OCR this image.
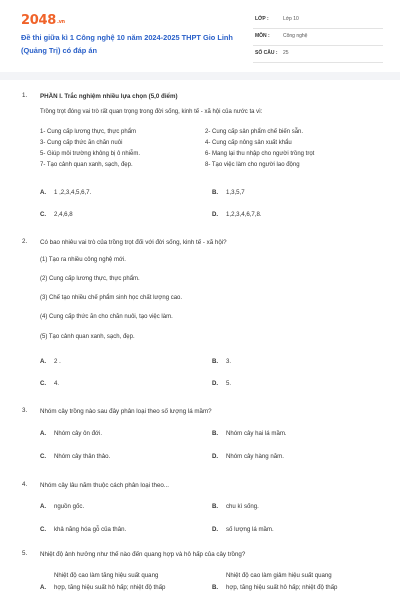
$2048^{.vn}$
Đề thi giữa kì 1 Công nghệ 10 năm 2024-2025 THPT Gio Linh (Quảng Trị) có đáp án
LỚP :	Lớp 10
MÔN :	Công nghệ
SỐ CÂU : 25
1. PHẦN I. Trắc nghiệm nhiều lựa chọn (5,0 điểm)
Trồng trọt đóng vai trò rất quan trọng trong đời sống, kinh tế - xã hội của nước ta vì:
1- Cung cấp lương thực, thực phẩm	2- Cung cấp sản phẩm chế biến sẵn.
3- Cung cấp thức ăn chăn nuôi	4- Cung cấp nông sản xuất khẩu
5- Giúp môi trường không bị ô nhiễm.	6- Mang lại thu nhập cho người trồng trọt
7- Tạo cảnh quan xanh, sạch, đẹp.	8- Tạo việc làm cho người lao động
A. 1 ,2,3,4,5,6,7.	B. 1,3,5,7
C. 2,4,6,8	D. 1,2,3,4,6,7,8.
2. Có bao nhiêu vai trò của trồng trọt đối với đời sống, kinh tế - xã hội?
(1) Tạo ra nhiều công nghệ mới.
(2) Cung cấp lương thực, thực phẩm.
(3) Chế tạo nhiều chế phẩm sinh học chất lượng cao.
(4) Cung cấp thức ăn cho chăn nuôi, tạo việc làm.
(5) Tạo cảnh quan xanh, sạch, đẹp.
A. 2 .	B. 3.
C. 4.	D. 5.
3. Nhóm cây trồng nào sau đây phân loại theo số lượng lá mầm?
A. Nhóm cây ôn đới.	B. Nhóm cây hai lá mầm.
C. Nhóm cây thân thảo.	D. Nhóm cây hàng năm.
4. Nhóm cây lâu năm thuộc cách phân loại theo...
A. nguồn gốc.	B. chu kì sống.
C. khả năng hóa gỗ của thân.	D. số lượng lá mầm.
5. Nhiệt độ ảnh hưởng như thế nào đến quang hợp và hô hấp của cây trồng?
Nhiệt độ cao làm tăng hiệu suất quang
A.	hợp, tăng hiệu suất hô hấp; nhiệt độ thấp
Nhiệt độ cao làm giảm hiệu suất quang
B.	hợp, tăng hiệu suất hô hấp; nhiệt độ thấp
